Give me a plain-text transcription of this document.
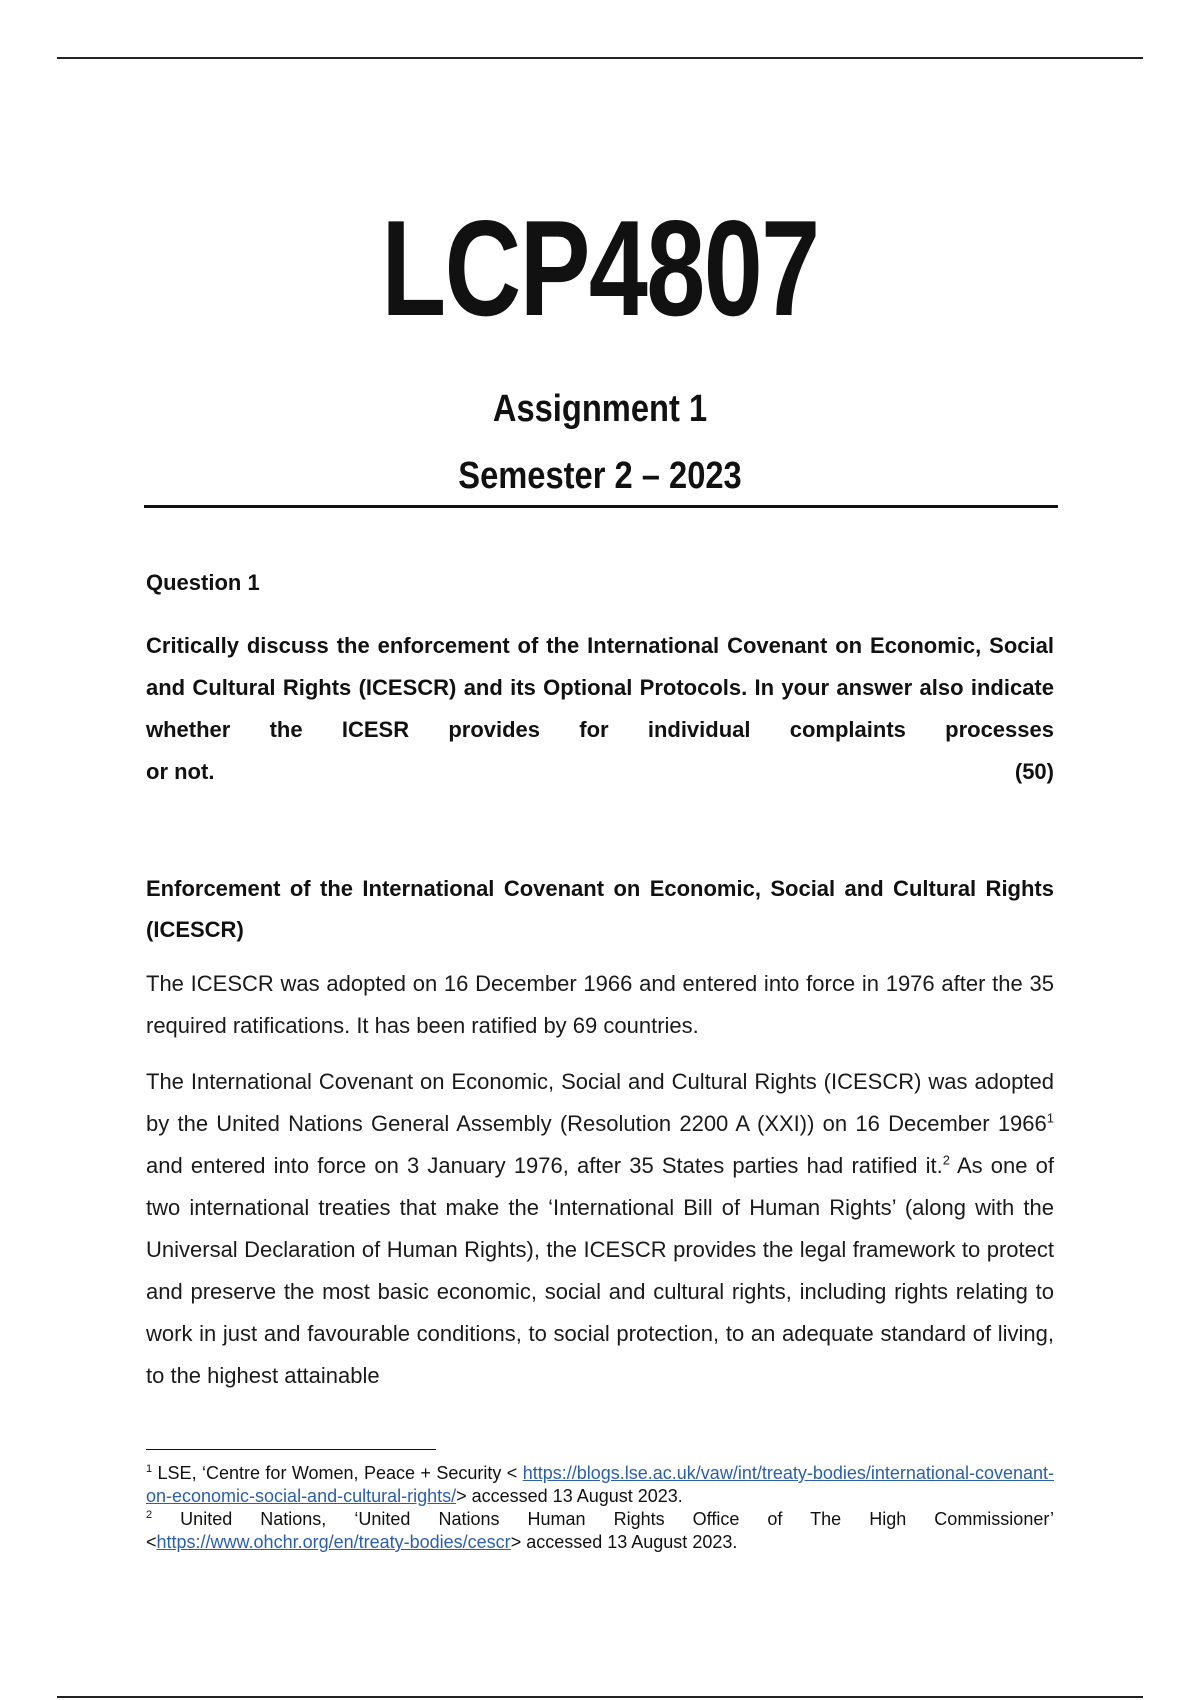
LCP4807
Assignment 1
Semester 2 – 2023
Question 1
Critically discuss the enforcement of the International Covenant on Economic, Social and Cultural Rights (ICESCR) and its Optional Protocols. In your answer also indicate whether the ICESR provides for individual complaints processes
or not.	(50)
Enforcement of the International Covenant on Economic, Social and Cultural Rights (ICESCR)
The ICESCR was adopted on 16 December 1966 and entered into force in 1976 after the 35 required ratifications. It has been ratified by 69 countries.
The International Covenant on Economic, Social and Cultural Rights (ICESCR) was adopted by the United Nations General Assembly (Resolution 2200 A (XXI)) on 16 December 1966$^1$ and entered into force on 3 January 1976, after 35 States parties had ratified it.$^2$ As one of two international treaties that make the ‘International Bill of Human Rights’ (along with the Universal Declaration of Human Rights), the ICESCR provides the legal framework to protect and preserve the most basic economic, social and cultural rights, including rights relating to work in just and favourable conditions, to social protection, to an adequate standard of living, to the highest attainable
$^1$ LSE, ‘Centre for Women, Peace + Security < https://blogs.lse.ac.uk/vaw/int/treaty-bodies/international-covenant-on-economic-social-and-cultural-rights/> accessed 13 August 2023.
$^2$ United Nations, ‘United Nations Human Rights Office of The High Commissioner’ <https://www.ohchr.org/en/treaty-bodies/cescr> accessed 13 August 2023.
